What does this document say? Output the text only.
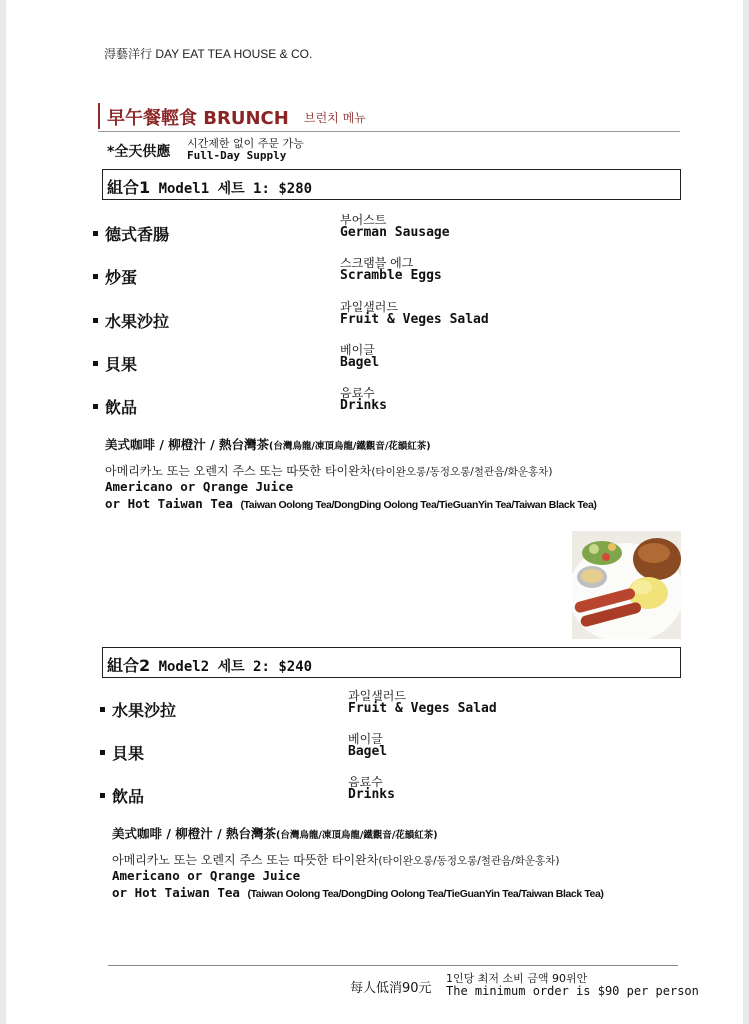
淂藝洋行 DAY EAT TEA HOUSE & CO.
早午餐輕食 BRUNCH 브런치 메뉴
*全天供應
시간제한 없이 주문 가능
Full-Day Supply
組合1 Model1 세트 1: $280
德式香腸
부어스트
German Sausage
炒蛋
스크램블 에그
Scramble Eggs
水果沙拉
과일샐러드
Fruit & Veges Salad
貝果
베이글
Bagel
飲品
음료수
Drinks
美式咖啡 / 柳橙汁 / 熱台灣茶(台灣烏龍/凍頂烏龍/鐵觀音/花韻紅茶)
아메리카노 또는 오렌지 주스 또는 따뜻한 타이완차(타이완오롱/동정오롱/철관음/화운홍차)
Americano or Qrange Juice
or Hot Taiwan Tea (Taiwan Oolong Tea/DongDing Oolong Tea/TieGuanYin Tea/Taiwan Black Tea)
組合2 Model2 세트 2: $240
水果沙拉
과일샐러드
Fruit & Veges Salad
貝果
베이글
Bagel
飲品
음료수
Drinks
美式咖啡 / 柳橙汁 / 熱台灣茶(台灣烏龍/凍頂烏龍/鐵觀音/花韻紅茶)
아메리카노 또는 오렌지 주스 또는 따뜻한 타이완차(타이완오롱/동정오롱/철관음/화운홍차)
Americano or Qrange Juice
or Hot Taiwan Tea (Taiwan Oolong Tea/DongDing Oolong Tea/TieGuanYin Tea/Taiwan Black Tea)
每人低消90元
1인당 최저 소비 금액 90위안
The minimum order is $90 per person
